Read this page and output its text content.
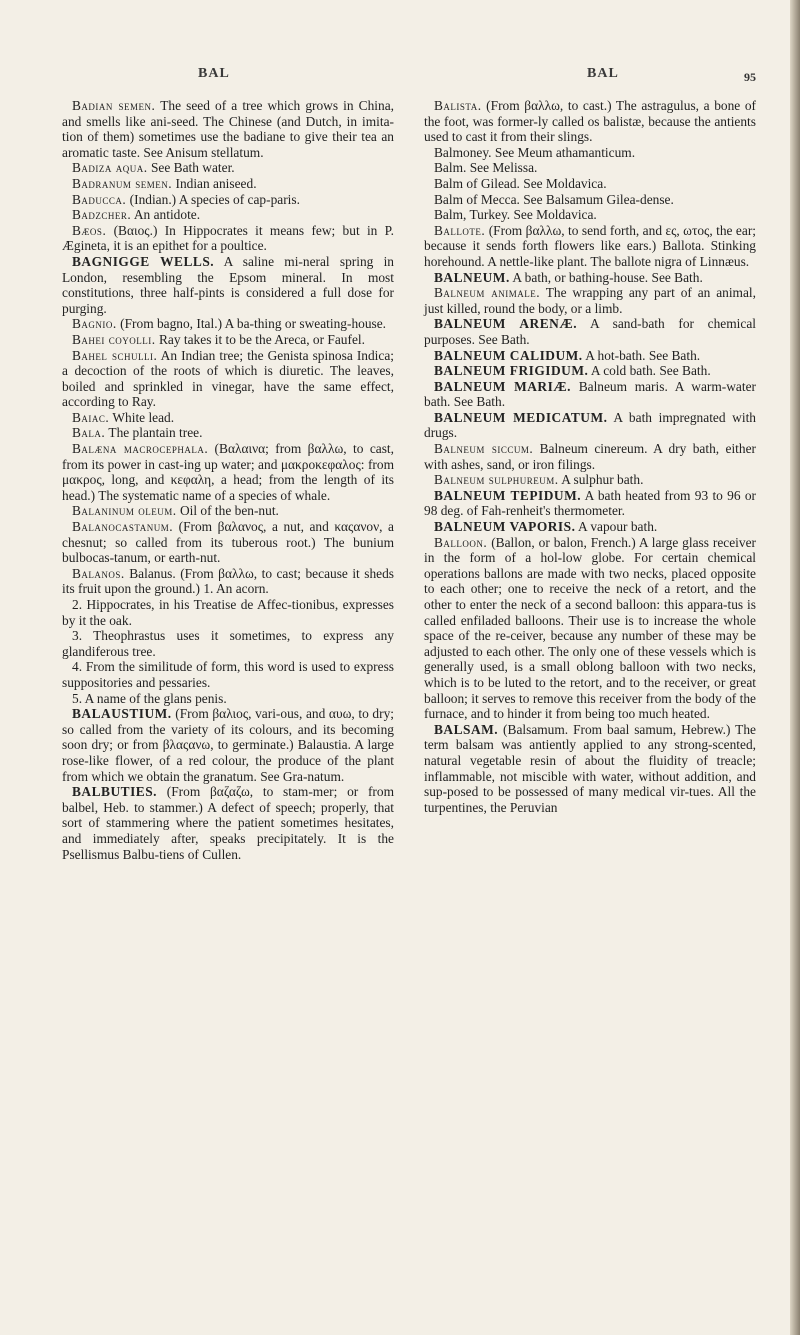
BAL	BAL	95

Badian semen. The seed of a tree which grows in China, and smells like ani-seed. The Chinese (and Dutch, in imita-tion of them) sometimes use the badiane to give their tea an aromatic taste. See Anisum stellatum.

Badiza aqua. See Bath water.

Badranum semen. Indian aniseed.

Baducca. (Indian.) A species of cap-paris.

Badzcher. An antidote.

Bæos. (Βαιος.) In Hippocrates it means few; but in P. Ægineta, it is an epithet for a poultice.

BAGNIGGE WELLS. A saline mi-neral spring in London, resembling the Epsom mineral. In most constitutions, three half-pints is considered a full dose for purging.

Bagnio. (From bagno, Ital.) A ba-thing or sweating-house.

Bahei coyolli. Ray takes it to be the Areca, or Faufel.

Bahel schulli. An Indian tree; the Genista spinosa Indica; a decoction of the roots of which is diuretic. The leaves, boiled and sprinkled in vinegar, have the same effect, according to Ray.

Baiac. White lead.

Bala. The plantain tree.

Balæna macrocephala. (Βαλαινα; from βαλλω, to cast, from its power in cast-ing up water; and μακροκεφαλος: from μακρος, long, and κεφαλη, a head; from the length of its head.) The systematic name of a species of whale.

Balaninum oleum. Oil of the ben-nut.

Balanocastanum. (From βαλανος, a nut, and καςανον, a chesnut; so called from its tuberous root.) The bunium bulbocas-tanum, or earth-nut.

Balanos. Balanus. (From βαλλω, to cast; because it sheds its fruit upon the ground.) 1. An acorn.

2. Hippocrates, in his Treatise de Affec-tionibus, expresses by it the oak.

3. Theophrastus uses it sometimes, to express any glandiferous tree.

4. From the similitude of form, this word is used to express suppositories and pessaries.

5. A name of the glans penis.

BALAUSTIUM. (From βαλιος, vari-ous, and αυω, to dry; so called from the variety of its colours, and its becoming soon dry; or from βλαςανω, to germinate.) Balaustia. A large rose-like flower, of a red colour, the produce of the plant from which we obtain the granatum. See Gra-natum.

BALBUTIES. (From βαζαζω, to stam-mer; or from balbel, Heb. to stammer.) A defect of speech; properly, that sort of stammering where the patient sometimes hesitates, and immediately after, speaks precipitately. It is the Psellismus Balbu-tiens of Cullen.

Balista. (From βαλλω, to cast.) The astragulus, a bone of the foot, was former-ly called os balistæ, because the antients used to cast it from their slings.

Balmoney. See Meum athamanticum.

Balm. See Melissa.

Balm of Gilead. See Moldavica.

Balm of Mecca. See Balsamum Gilea-dense.

Balm, Turkey. See Moldavica.

Ballote. (From βαλλω, to send forth, and ες, ωτος, the ear; because it sends forth flowers like ears.) Ballota. Stinking horehound. A nettle-like plant. The ballote nigra of Linnæus.

BALNEUM. A bath, or bathing-house. See Bath.

Balneum animale. The wrapping any part of an animal, just killed, round the body, or a limb.

BALNEUM ARENÆ. A sand-bath for chemical purposes. See Bath.

BALNEUM CALIDUM. A hot-bath. See Bath.

BALNEUM FRIGIDUM. A cold bath. See Bath.

BALNEUM MARIÆ. Balneum maris. A warm-water bath. See Bath.

BALNEUM MEDICATUM. A bath impregnated with drugs.

Balneum siccum. Balneum cinereum. A dry bath, either with ashes, sand, or iron filings.

Balneum sulphureum. A sulphur bath.

BALNEUM TEPIDUM. A bath heated from 93 to 96 or 98 deg. of Fah-renheit's thermometer.

BALNEUM VAPORIS. A vapour bath.

Balloon. (Ballon, or balon, French.) A large glass receiver in the form of a hol-low globe. For certain chemical operations ballons are made with two necks, placed opposite to each other; one to receive the neck of a retort, and the other to enter the neck of a second balloon: this appara-tus is called enfiladed balloons. Their use is to increase the whole space of the re-ceiver, because any number of these may be adjusted to each other. The only one of these vessels which is generally used, is a small oblong balloon with two necks, which is to be luted to the retort, and to the receiver, or great balloon; it serves to remove this receiver from the body of the furnace, and to hinder it from being too much heated.

BALSAM. (Balsamum. From baal samum, Hebrew.) The term balsam was antiently applied to any strong-scented, natural vegetable resin of about the fluidity of treacle; inflammable, not miscible with water, without addition, and sup-posed to be possessed of many medical vir-tues. All the turpentines, the Peruvian
